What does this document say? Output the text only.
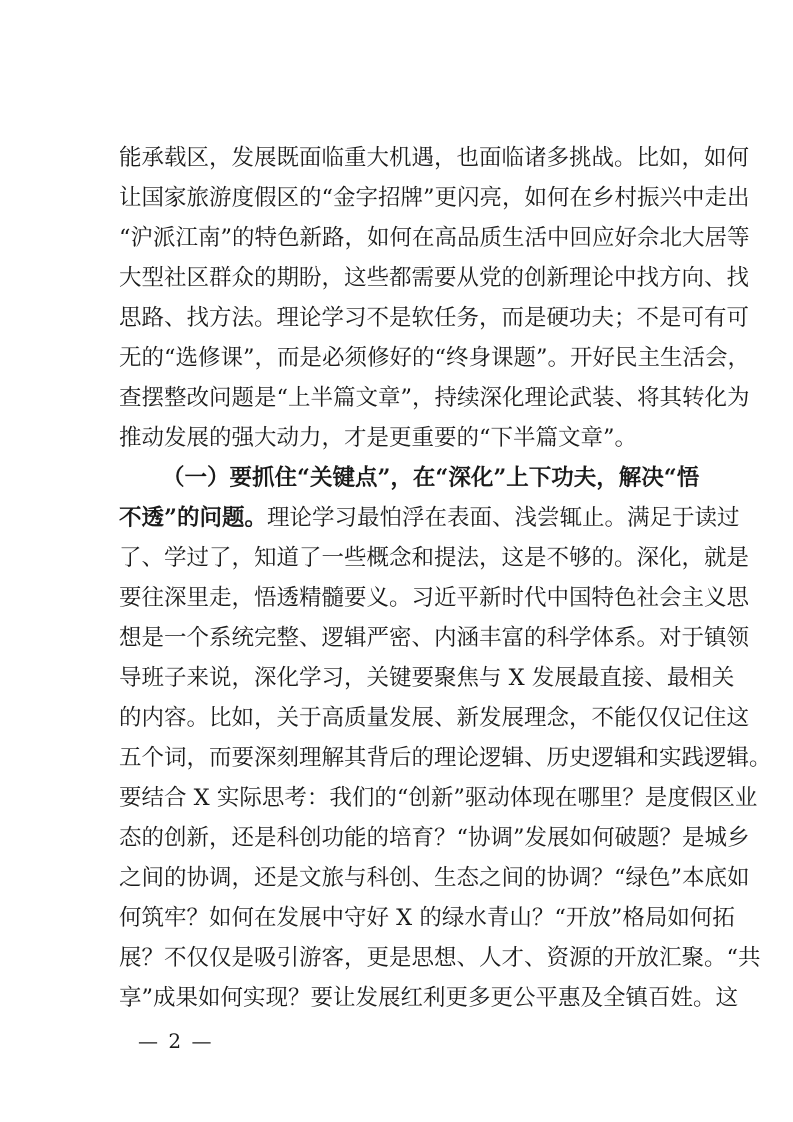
能承载区，发展既面临重大机遇，也面临诸多挑战。比如，如何
让国家旅游度假区的“金字招牌”更闪亮，如何在乡村振兴中走出
“沪派江南”的特色新路，如何在高品质生活中回应好佘北大居等
大型社区群众的期盼，这些都需要从党的创新理论中找方向、找
思路、找方法。理论学习不是软任务，而是硬功夫；不是可有可
无的“选修课”，而是必须修好的“终身课题”。开好民主生活会，
查摆整改问题是“上半篇文章”，持续深化理论武装、将其转化为
推动发展的强大动力，才是更重要的“下半篇文章”。
（一）要抓住“关键点”，在“深化”上下功夫，解决“悟
不透”的问题。理论学习最怕浮在表面、浅尝辄止。满足于读过
了、学过了，知道了一些概念和提法，这是不够的。深化，就是
要往深里走，悟透精髓要义。习近平新时代中国特色社会主义思
想是一个系统完整、逻辑严密、内涵丰富的科学体系。对于镇领
导班子来说，深化学习，关键要聚焦与 X 发展最直接、最相关
的内容。比如，关于高质量发展、新发展理念，不能仅仅记住这
五个词，而要深刻理解其背后的理论逻辑、历史逻辑和实践逻辑。
要结合 X 实际思考：我们的“创新”驱动体现在哪里？是度假区业
态的创新，还是科创功能的培育？“协调”发展如何破题？是城乡
之间的协调，还是文旅与科创、生态之间的协调？“绿色”本底如
何筑牢？如何在发展中守好 X 的绿水青山？“开放”格局如何拓
展？不仅仅是吸引游客，更是思想、人才、资源的开放汇聚。“共
享”成果如何实现？要让发展红利更多更公平惠及全镇百姓。这
— 2 —
